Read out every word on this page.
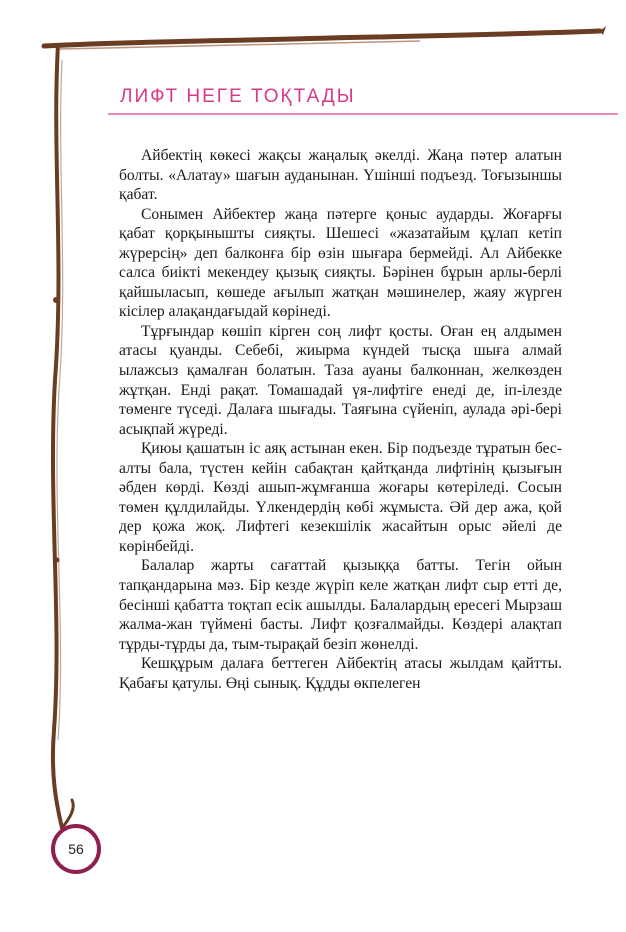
ЛИФТ НЕГЕ ТОҚТАДЫ

Айбектің көкесі жақсы жаңалық әкелді. Жаңа пәтер алатын болты. «Алатау» шағын ауданынан. Үшінші подъезд. Тоғызыншы қабат.

Сонымен Айбектер жаңа пәтерге қоныс аударды. Жоғарғы қабат қорқынышты сияқты. Шешесі «жазатайым құлап кетіп жүрерсің» деп балконға бір өзін шығара бермейді. Ал Айбекке салса биікті мекендеу қызық сияқты. Бәрінен бұрын арлы-берлі қайшыласып, көшеде ағылып жатқан мәшинелер, жаяу жүрген кісілер алақандағыдай көрінеді.

Тұрғындар көшіп кірген соң лифт қосты. Оған ең алдымен атасы қуанды. Себебі, жиырма күндей тысқа шыға алмай ылажсыз қамалған болатын. Таза ауаны балконнан, желкөзден жұтқан. Енді рақат. Томашадай үя-лифтіге енеді де, іп-ілезде төменге түседі. Далаға шығады. Таяғына сүйеніп, аулада әрі-бері асықпай жүреді.

Қиюы қашатын іс аяқ астынан екен. Бір подъезде тұратын бес-алты бала, түстен кейін сабақтан қайтқанда лифтінің қызығын әбден көрді. Көзді ашып-жұмғанша жоғары көтеріледі. Сосын төмен құлдилайды. Үлкендердің көбі жұмыста. Әй дер ажа, қой дер қожа жоқ. Лифтегі кезекшілік жасайтын орыс әйелі де көрінбейді.

Балалар жарты сағаттай қызыққа батты. Тегін ойын тапқандарына мәз. Бір кезде жүріп келе жатқан лифт сыр етті де, бесінші қабатта тоқтап есік ашылды. Балалардың ересегі Мырзаш жалма-жан түймені басты. Лифт қозғалмайды. Көздері алақтап тұрды-тұрды да, тым-тырақай безіп жөнелді.

Кешқұрым далаға беттеген Айбектің атасы жылдам қайтты. Қабағы қатулы. Өңі сынық. Құдды өкпелеген

56
